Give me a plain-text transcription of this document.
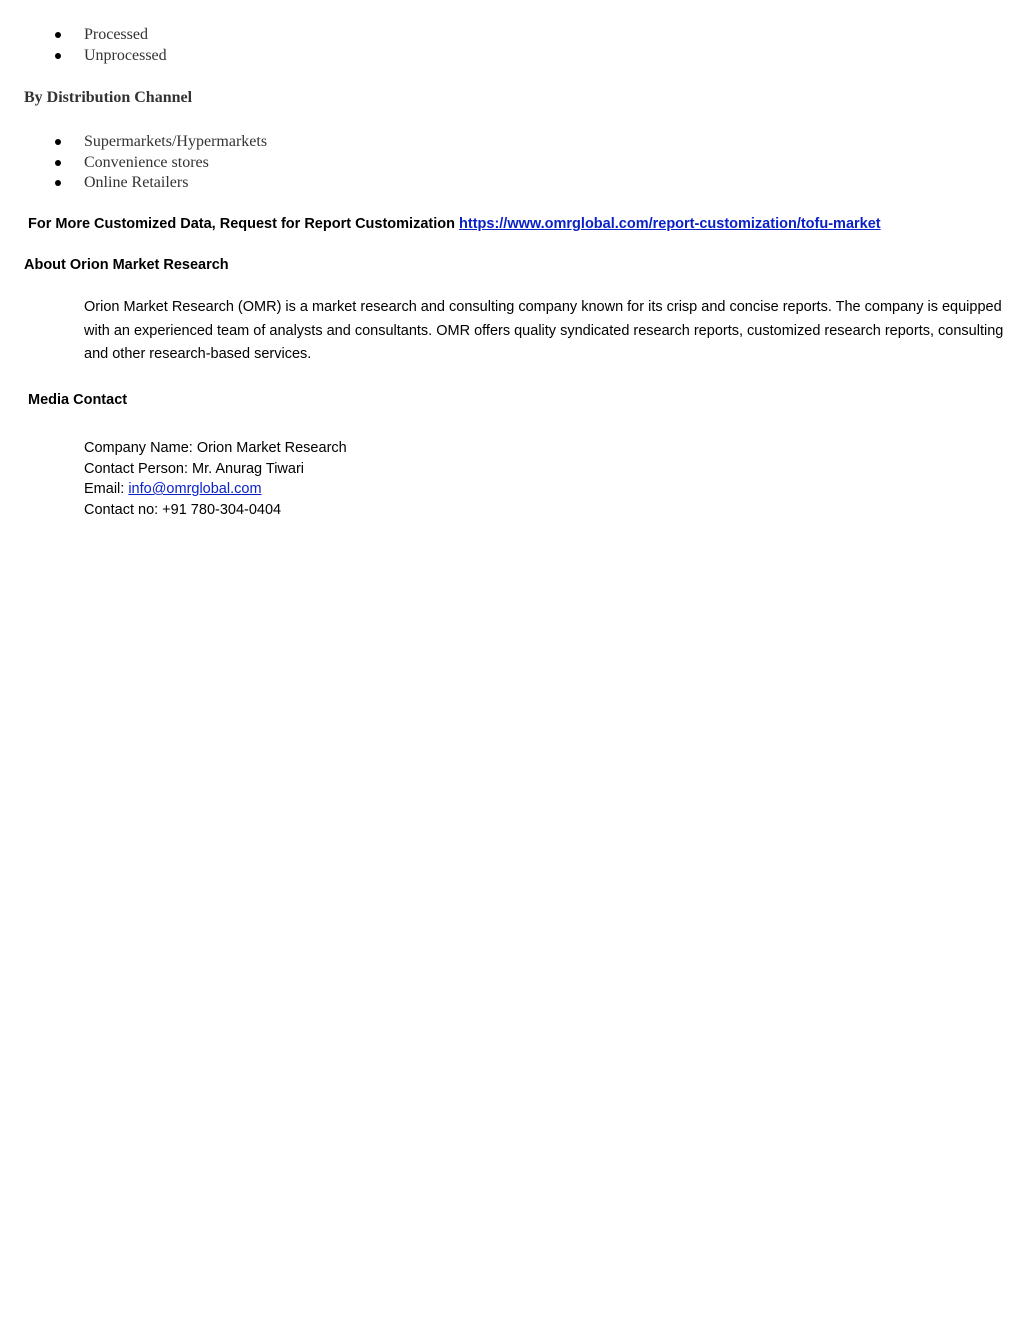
Processed
Unprocessed
By Distribution Channel
Supermarkets/Hypermarkets
Convenience stores
Online Retailers
For More Customized Data, Request for Report Customization https://www.omrglobal.com/report-customization/tofu-market
About Orion Market Research
Orion Market Research (OMR) is a market research and consulting company known for its crisp and concise reports. The company is equipped with an experienced team of analysts and consultants. OMR offers quality syndicated research reports, customized research reports, consulting and other research-based services.
Media Contact
Company Name: Orion Market Research
Contact Person: Mr. Anurag Tiwari
Email: info@omrglobal.com
Contact no: +91 780-304-0404
